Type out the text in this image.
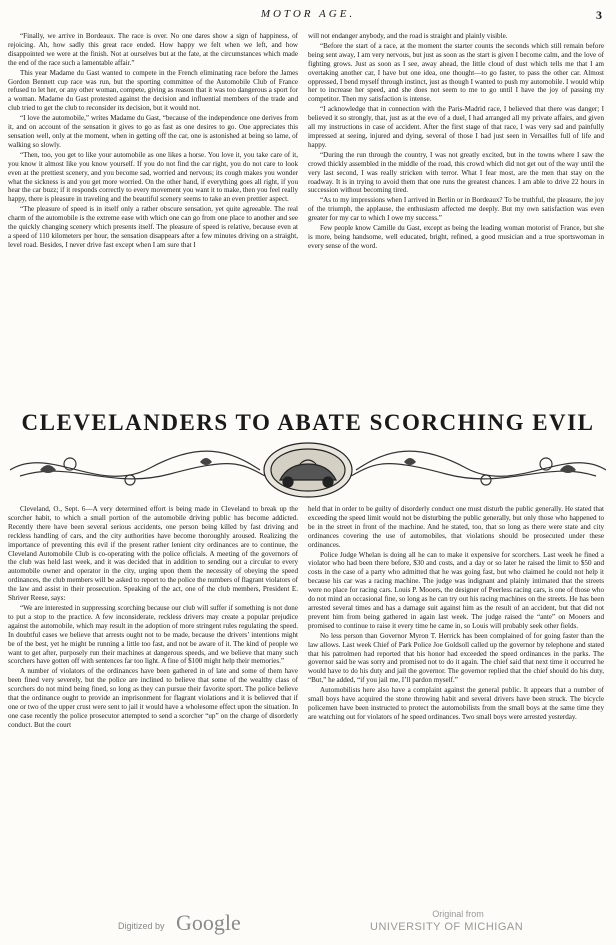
MOTOR AGE.	3

“Finally, we arrive in Bordeaux. The race is over. No one dares show a sign of happiness, of rejoicing. Ah, how sadly this great race ended. How happy we felt when we left, and how disappointed we were at the finish. Not at ourselves but at the fate, at the circumstances which made the end of the race such a lamentable affair.”

This year Madame du Gast wanted to compete in the French eliminating race before the James Gordon Bennett cup race was run, but the sporting committee of the Automobile Club of France refused to let her, or any other woman, compete, giving as reason that it was too dangerous a sport for a woman. Madame du Gast protested against the decision and influential members of the trade and club tried to get the club to reconsider its decision, but it would not.

“I love the automobile,” writes Madame du Gast, “because of the independence one derives from it, and on account of the sensation it gives to go as fast as one desires to go. One appreciates this sensation well, only at the moment, when in getting off the car, one is astonished at being so lame, of walking so slowly.

“Then, too, you get to like your automobile as one likes a horse. You love it, you take care of it, you know it almost like you know yourself. If you do not find the car right, you do not care to look even at the prettiest scenery, and you become sad, worried and nervous; its cough makes you wonder what the sickness is and you get more worried. On the other hand, if everything goes all right, if you hear the car buzz; if it responds correctly to every movement you want it to make, then you feel really happy, there is pleasure in traveling and the beautiful scenery seems to take an even prettier aspect.

“The pleasure of speed is in itself only a rather obscure sensation, yet quite agreeable. The real charm of the automobile is the extreme ease with which one can go from one place to another and see the quickly changing scenery which presents itself. The pleasure of speed is relative, because even at a speed of 110 kilometers per hour, the sensation disappears after a few minutes driving on a straight, level road. Besides, I never drive fast except when I am sure that I

will not endanger anybody, and the road is straight and plainly visible.

“Before the start of a race, at the moment the starter counts the seconds which still remain before being sent away, I am very nervous, but just as soon as the start is given I become calm, and the love of fighting grows. Just as soon as I see, away ahead, the little cloud of dust which tells me that I am overtaking another car, I have but one idea, one thought—to go faster, to pass the other car. Almost oppressed, I bend myself through instinct, just as though I wanted to push my automobile. I would whip her to increase her speed, and she does not seem to me to go until I have the joy of passing my competitor. Then my satisfaction is intense.

“I acknowledge that in connection with the Paris-Madrid race, I believed that there was danger; I believed it so strongly, that, just as at the eve of a duel, I had arranged all my private affairs, and given all my instructions in case of accident. After the first stage of that race, I was very sad and painfully impressed at seeing, injured and dying, several of those I had just seen in Versailles full of life and happy.

“During the run through the country, I was not greatly excited, but in the towns where I saw the crowd thickly assembled in the middle of the road, this crowd which did not get out of the way until the very last second, I was really stricken with terror. What I fear most, are the men that stay on the roadway. It is in trying to avoid them that one runs the greatest chances. I am able to drive 22 hours in succession without becoming tired.

“As to my impressions when I arrived in Berlin or in Bordeaux? To be truthful, the pleasure, the joy of the triumph, the applause, the enthusiasm affected me deeply. But my own satisfaction was even greater for my car to which I owe my success.”

Few people know Camille du Gast, except as being the leading woman motorist of France, but she is more, being handsome, well educated, bright, refined, a good musician and a true sportswoman in every sense of the word.

CLEVELANDERS TO ABATE SCORCHING EVIL

Cleveland, O., Sept. 6—A very determined effort is being made in Cleveland to break up the scorcher habit, to which a small portion of the automobile driving public has become addicted. Recently there have been several serious accidents, one person being killed by fast driving and reckless handling of cars, and the city authorities have become thoroughly aroused. Realizing the importance of preventing this evil if the present rather lenient city ordinances are to continue, the Cleveland Automobile Club is co-operating with the police officials. A meeting of the governors of the club was held last week, and it was decided that in addition to sending out a circular to every automobile owner and operator in the city, urging upon them the necessity of obeying the speed ordinances, the club members will be asked to report to the police the numbers of flagrant violators of the law and assist in their prosecution. Speaking of the act, one of the club members, President E. Shriver Reese, says:

“We are interested in suppressing scorching because our club will suffer if something is not done to put a stop to the practice. A few inconsiderate, reckless drivers may create a popular prejudice against the automobile, which may result in the adoption of more stringent rules regulating the speed. In doubtful cases we believe that arrests ought not to be made, because the drivers’ intentions might be of the best, yet he might be running a little too fast, and not be aware of it. The kind of people we want to get after, purposely run their machines at dangerous speeds, and we believe that many such scorchers have gotten off with sentences far too light. A fine of $100 might help their memories.”

A number of violators of the ordinances have been gathered in of late and some of them have been fined very severely, but the police are inclined to believe that some of the wealthy class of scorchers do not mind being fined, so long as they can pursue their favorite sport. The police believe that the ordinance ought to provide an imprisonment for flagrant violations and it is believed that if one or two of the upper crust were sent to jail it would have a wholesome effect upon the situation. In one case recently the police prosecutor attempted to send a scorcher “up” on the charge of disorderly conduct. But the court

held that in order to be guilty of disorderly conduct one must disturb the public generally. He stated that exceeding the speed limit would not be disturbing the public generally, but only those who happened to be in the street in front of the machine. And he stated, too, that so long as there were state and city ordinances covering the use of automobiles, that violations should be prosecuted under these ordinances.

Police Judge Whelan is doing all he can to make it expensive for scorchers. Last week he fined a violator who had been there before, $30 and costs, and a day or so later he raised the limit to $50 and costs in the case of a party who admitted that he was going fast, but who claimed he could not help it because his car was a racing machine. The judge was indignant and plainly intimated that the streets were no place for racing cars. Louis P. Mooers, the designer of Peerless racing cars, is one of those who do not mind an occasional fine, so long as he can try out his racing machines on the streets. He has been arrested several times and has a damage suit against him as the result of an accident, but that did not prevent him from being gathered in again last week. The judge raised the “ante” on Mooers and promised to continue to raise it every time he came in, so Louis will probably seek other fields.

No less person than Governor Myron T. Herrick has been complained of for going faster than the law allows. Last week Chief of Park Police Joe Goldsoll called up the governor by telephone and stated that his patrolmen had reported that his honor had exceeded the speed ordinances in the parks. The governor said he was sorry and promised not to do it again. The chief said that next time it occurred he would have to do his duty and jail the governor. The governor replied that the chief should do his duty, “But,” he added, “if you jail me, I’ll pardon myself.”

Automobilists here also have a complaint against the general public. It appears that a number of small boys have acquired the stone throwing habit and several drivers have been struck. The bicycle policemen have been instructed to protect the automobilists from the small boys at the same time they are watching out for violators of he speed ordinances. Two small boys were arrested yesterday.

Digitized by Google	Original from
UNIVERSITY OF MICHIGAN
